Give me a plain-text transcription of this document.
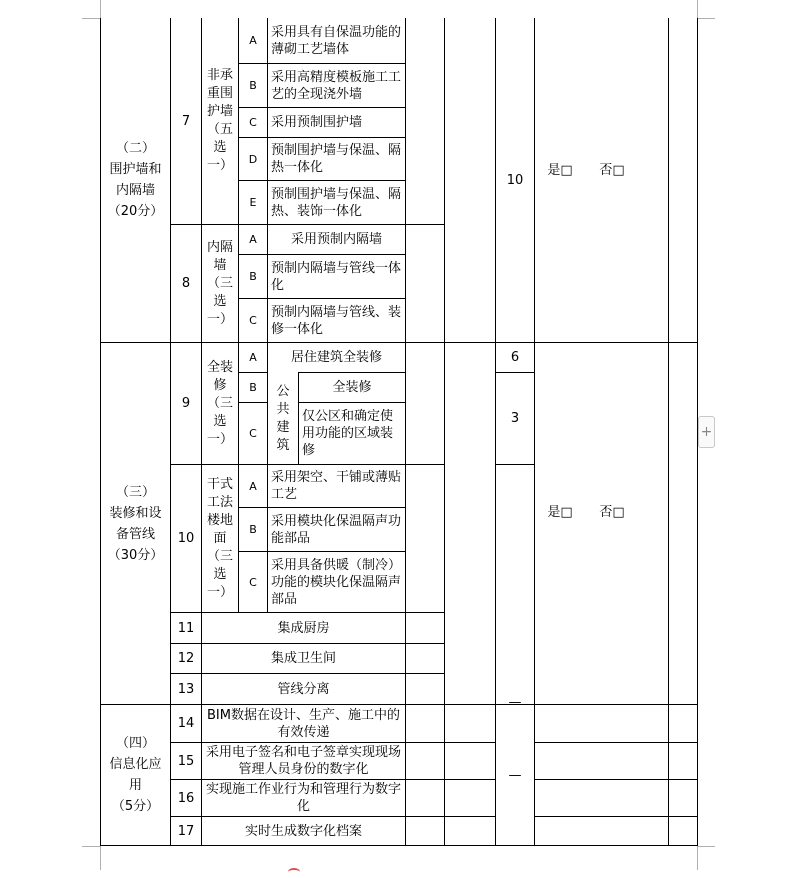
（二）
围护墙和
内隔墙
（20分）
（三）
装修和设
备管线
（30分）
（四）
信息化应
用
（5分）
7
8
9
10
11
12
13
14
15
16
17
非承
重围
护墙
（五
选
一）
内隔
墙
（三
选
一）
全装
修
（三
选
一）
干式
工法
楼地
面
（三
选
一）
公
共
建
筑
A
B
C
D
E
A
B
C
A
B
C
A
B
C
采用具有自保温功能的薄砌工艺墙体
采用高精度模板施工工艺的全现浇外墙
采用预制围护墙
预制围护墙与保温、隔热一体化
预制围护墙与保温、隔热、装饰一体化
采用预制内隔墙
预制内隔墙与管线一体化
预制内隔墙与管线、装修一体化
居住建筑全装修
全装修
仅公区和确定使用功能的区域装修
采用架空、干铺或薄贴工艺
采用模块化保温隔声功能部品
采用具备供暖（制冷）功能的模块化保温隔声部品
集成厨房
集成卫生间
管线分离
BIM数据在设计、生产、施工中的有效传递
采用电子签名和电子签章实现现场管理人员身份的数字化
实现施工作业行为和管理行为数字化
实时生成数字化档案
10
6
3
—
—
是□	否□
是□	否□
+
